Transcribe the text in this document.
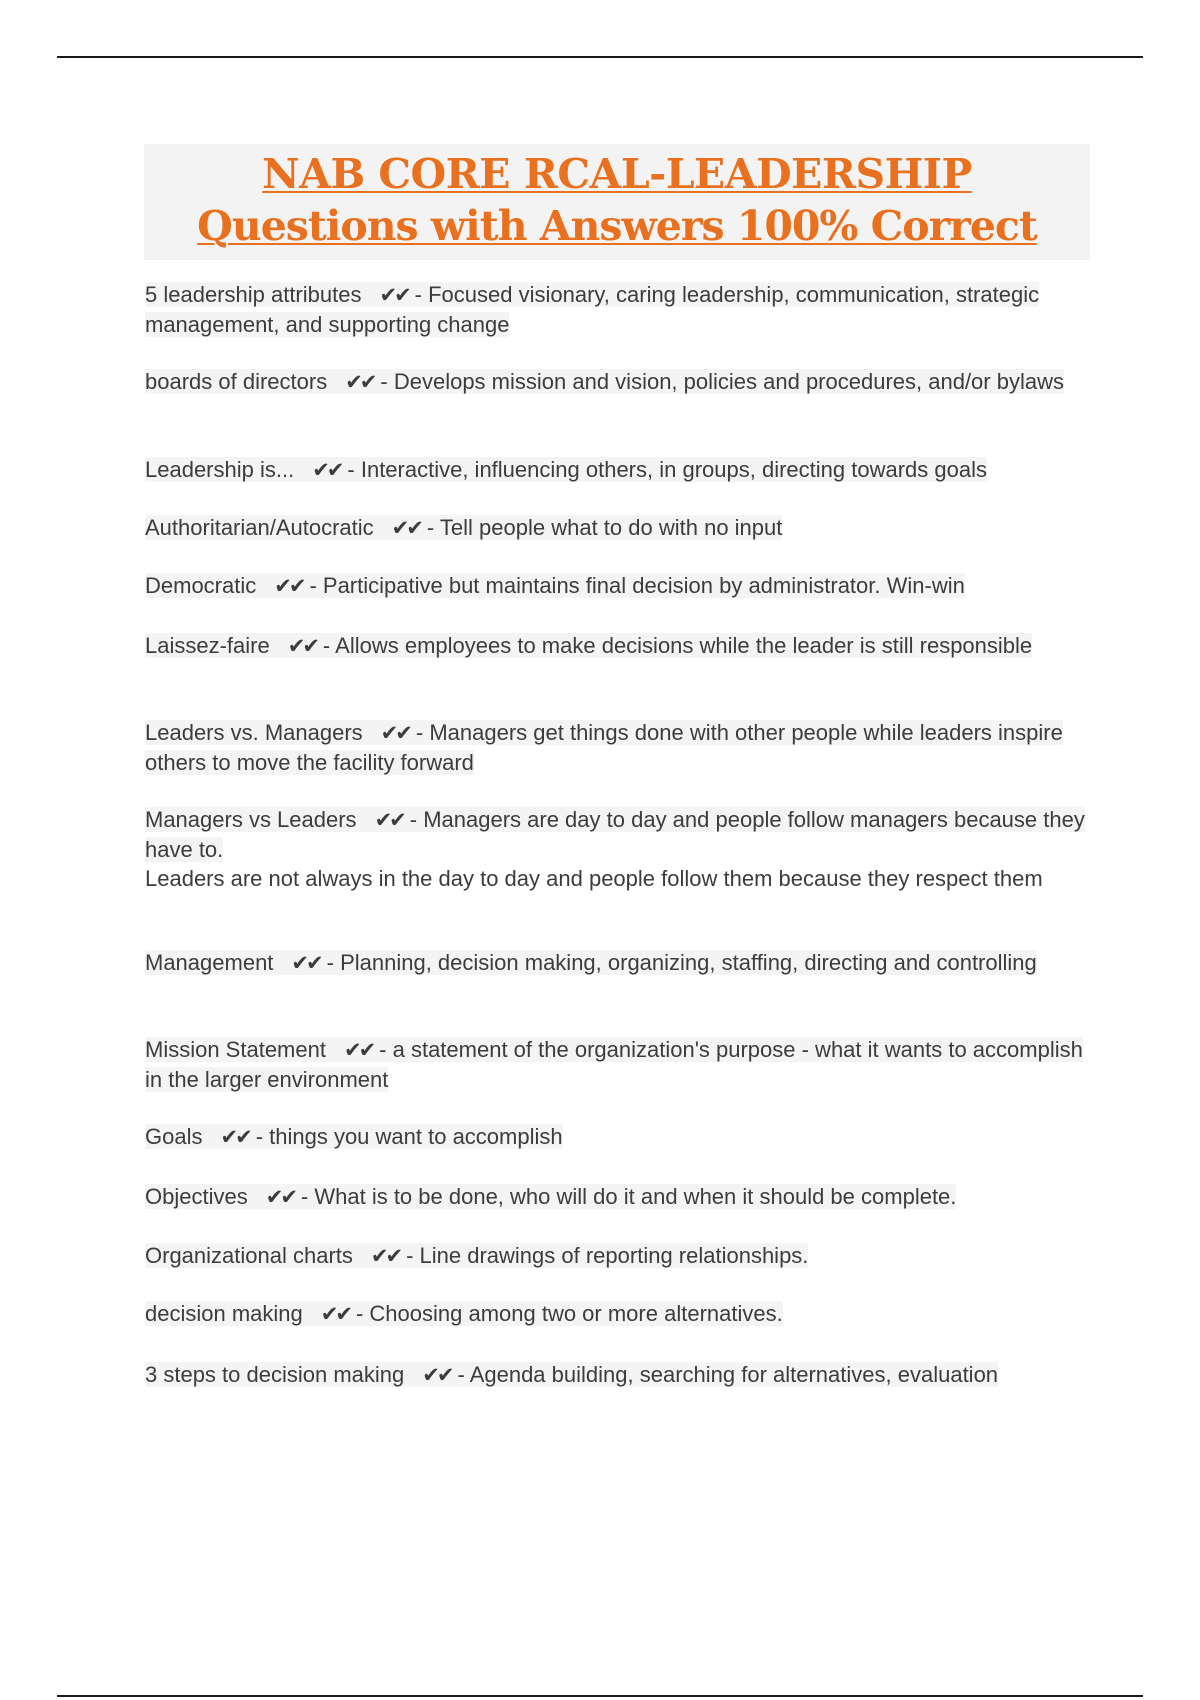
NAB CORE RCAL-LEADERSHIP
Questions with Answers 100% Correct
5 leadership attributes ✔✔ - Focused visionary, caring leadership, communication, strategic management, and supporting change
boards of directors ✔✔ - Develops mission and vision, policies and procedures, and/or bylaws
Leadership is... ✔✔ - Interactive, influencing others, in groups, directing towards goals
Authoritarian/Autocratic ✔✔ - Tell people what to do with no input
Democratic ✔✔ - Participative but maintains final decision by administrator. Win-win
Laissez-faire ✔✔ - Allows employees to make decisions while the leader is still responsible
Leaders vs. Managers ✔✔ - Managers get things done with other people while leaders inspire others to move the facility forward
Managers vs Leaders ✔✔ - Managers are day to day and people follow managers because they have to.
Leaders are not always in the day to day and people follow them because they respect them
Management ✔✔ - Planning, decision making, organizing, staffing, directing and controlling
Mission Statement ✔✔ - a statement of the organization's purpose - what it wants to accomplish in the larger environment
Goals ✔✔ - things you want to accomplish
Objectives ✔✔ - What is to be done, who will do it and when it should be complete.
Organizational charts ✔✔ - Line drawings of reporting relationships.
decision making ✔✔ - Choosing among two or more alternatives.
3 steps to decision making ✔✔ - Agenda building, searching for alternatives, evaluation
